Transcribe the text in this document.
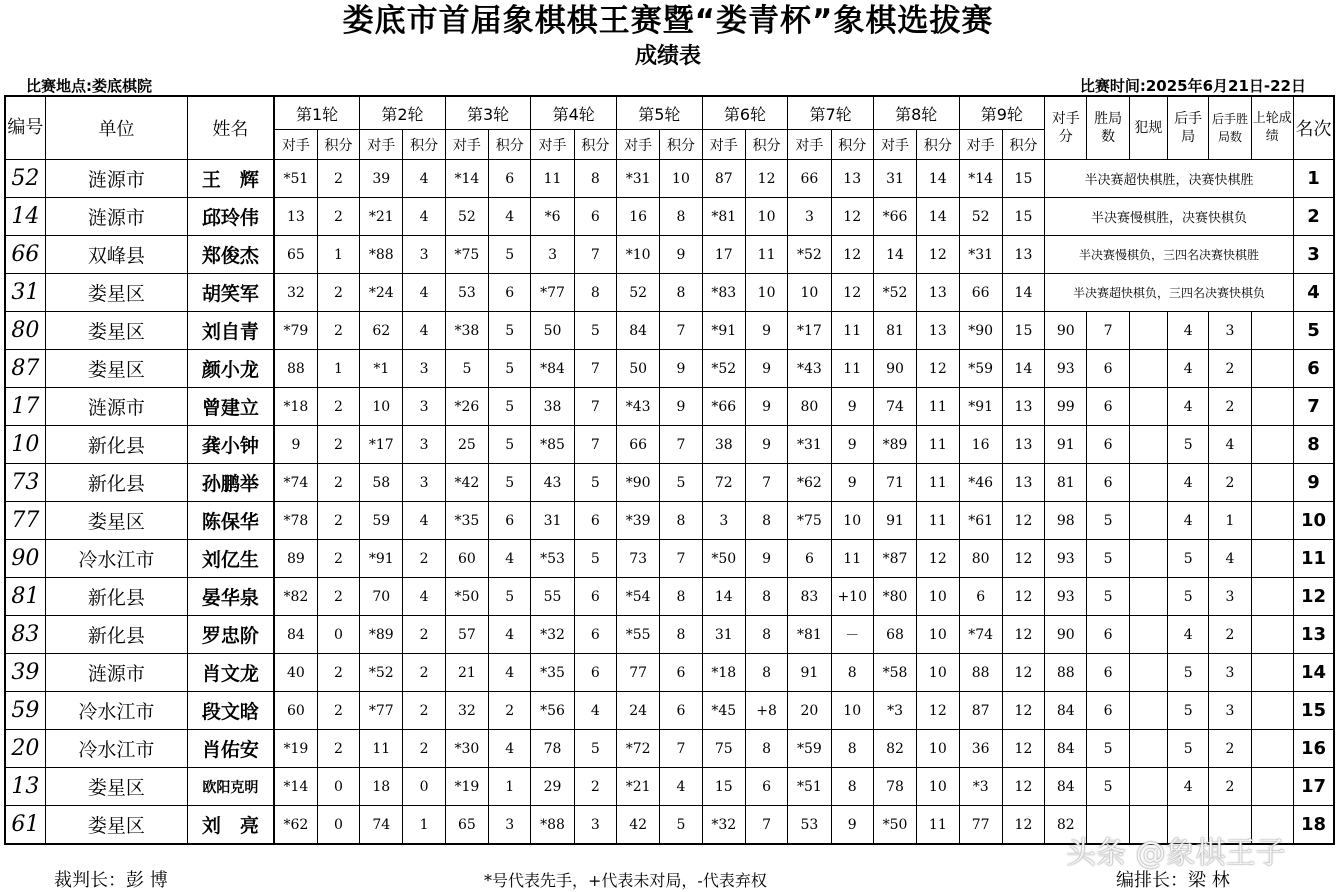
娄底市首届象棋棋王赛暨“娄青杯”象棋选拔赛
成绩表
比赛地点:娄底棋院	比赛时间:2025年6月21日-22日
编号	单位	姓名	第1轮		第2轮		第3轮		第4轮		第5轮		第6轮		第7轮		第8轮		第9轮		对手分	胜局数	犯规	后手局	后手胜局数	上轮成绩	名次
			对手	积分	对手	积分	对手	积分	对手	积分	对手	积分	对手	积分	对手	积分	对手	积分	对手	积分							
52	涟源市	王　辉	*51	2	39	4	*14	6	11	8	*31	10	87	12	66	13	31	14	*14	15	半决赛超快棋胜，决赛快棋胜						1
14	涟源市	邱玲伟	13	2	*21	4	52	4	*6	6	16	8	*81	10	3	12	*66	14	52	15	半决赛慢棋胜，决赛快棋负						2
66	双峰县	郑俊杰	65	1	*88	3	*75	5	3	7	*10	9	17	11	*52	12	14	12	*31	13	半决赛慢棋负，三四名决赛快棋胜						3
31	娄星区	胡笑军	32	2	*24	4	53	6	*77	8	52	8	*83	10	10	12	*52	13	66	14	半决赛超快棋负，三四名决赛快棋负						4
80	娄星区	刘自青	*79	2	62	4	*38	5	50	5	84	7	*91	9	*17	11	81	13	*90	15	90	7		4	3		5
87	娄星区	颜小龙	88	1	*1	3	5	5	*84	7	50	9	*52	9	*43	11	90	12	*59	14	93	6		4	2		6
17	涟源市	曾建立	*18	2	10	3	*26	5	38	7	*43	9	*66	9	80	9	74	11	*91	13	99	6		4	2		7
10	新化县	龚小钟	9	2	*17	3	25	5	*85	7	66	7	38	9	*31	9	*89	11	16	13	91	6		5	4		8
73	新化县	孙鹏举	*74	2	58	3	*42	5	43	5	*90	5	72	7	*62	9	71	11	*46	13	81	6		4	2		9
77	娄星区	陈保华	*78	2	59	4	*35	6	31	6	*39	8	3	8	*75	10	91	11	*61	12	98	5		4	1		10
90	冷水江市	刘亿生	89	2	*91	2	60	4	*53	5	73	7	*50	9	6	11	*87	12	80	12	93	5		5	4		11
81	新化县	晏华泉	*82	2	70	4	*50	5	55	6	*54	8	14	8	83	+10	*80	10	6	12	93	5		5	3		12
83	新化县	罗忠阶	84	0	*89	2	57	4	*32	6	*55	8	31	8	*81	－	68	10	*74	12	90	6		4	2		13
39	涟源市	肖文龙	40	2	*52	2	21	4	*35	6	77	6	*18	8	91	8	*58	10	88	12	88	6		5	3		14
59	冷水江市	段文晗	60	2	*77	2	32	2	*56	4	24	6	*45	+8	20	10	*3	12	87	12	84	6		5	3		15
20	冷水江市	肖佑安	*19	2	11	2	*30	4	78	5	*72	7	75	8	*59	8	82	10	36	12	84	5		5	2		16
13	娄星区	欧阳克明	*14	0	18	0	*19	1	29	2	*21	4	15	6	*51	8	78	10	*3	12	84	5		4	2		17
61	娄星区	刘　亮	*62	0	74	1	65	3	*88	3	42	5	*32	7	53	9	*50	11	77	12	82						18
裁判长：彭 博	*号代表先手，+代表未对局，-代表弃权	编排长：梁 林
头条 @象棋王子
